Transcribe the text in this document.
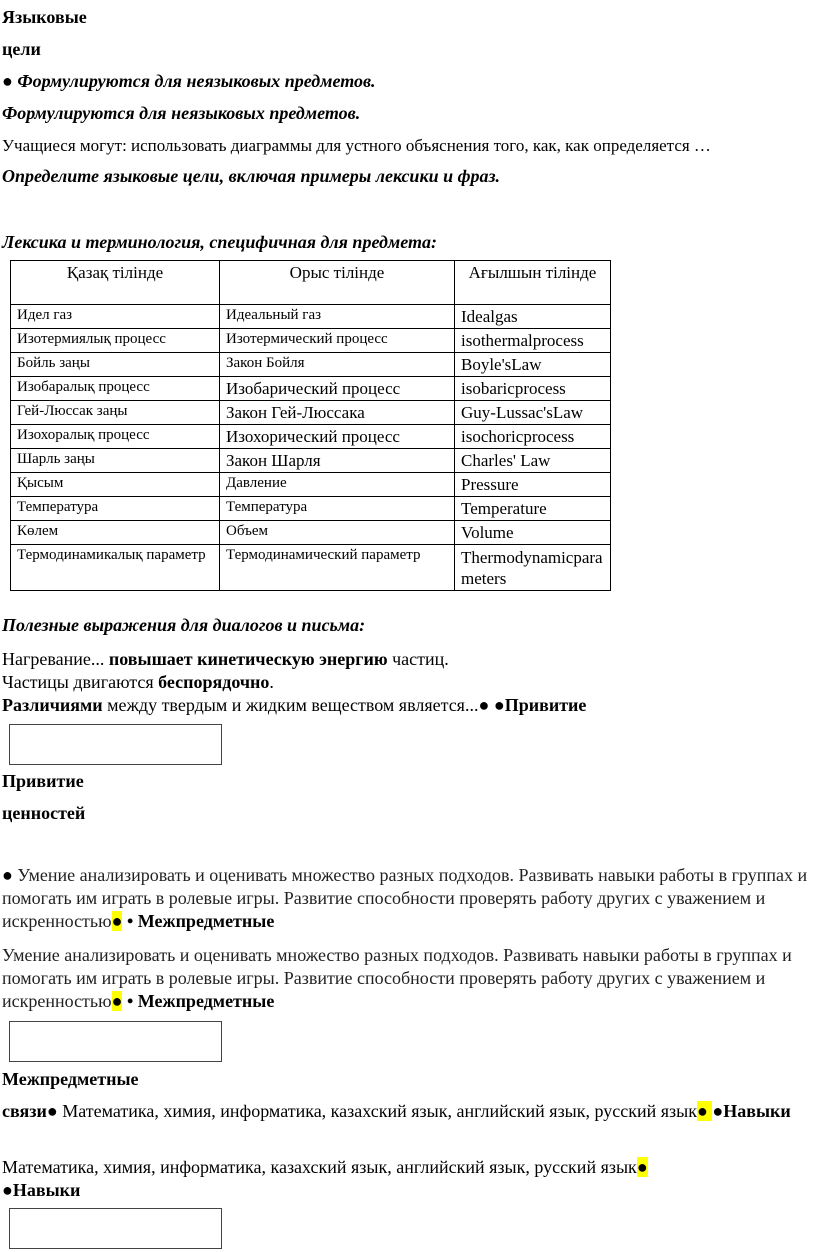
Языковые
цели
● Формулируются для неязыковых предметов.
Формулируются для неязыковых предметов.
Учащиеся могут: использовать диаграммы для устного объяснения того, как, как определяется …
Определите языковые цели, включая примеры лексики и фраз.
Лексика и терминология, специфичная для предмета:
Қазақ тілінде	Орыс тілінде	Ағылшын тілінде
Идел газ	Идеальный газ	Idealgas
Изотермиялық процесс	Изотермический процесс	isothermalprocess
Бойль заңы	Закон Бойля	Boyle'sLaw
Изобаралық процесс	Изобарический процесс	isobaricprocess
Гей-Люссак заңы	Закон Гей-Люссака	Guy-Lussac'sLaw
Изохоралық процесс	Изохорический процесс	isochoricprocess
Шарль заңы	Закон Шарля	Charles' Law
Қысым	Давление	Pressure
Температура	Температура	Temperature
Көлем	Объем	Volume
Термодинамикалық параметр	Термодинамический параметр	Thermodynamicparameters
Полезные выражения для диалогов и письма:
Нагревание... повышает кинетическую энергию частиц.
Частицы двигаются беспорядочно.
Различиями между твердым и жидким веществом является...● ●Привитие
Привитие
ценностей
● Умение анализировать и оценивать множество разных подходов. Развивать навыки работы в группах и помогать им играть в ролевые игры. Развитие способности проверять работу других с уважением и искренностью● • Межпредметные
Умение анализировать и оценивать множество разных подходов. Развивать навыки работы в группах и помогать им играть в ролевые игры. Развитие способности проверять работу других с уважением и искренностью● • Межпредметные
Межпредметные
связи● Математика, химия, информатика, казахский язык, английский язык, русский язык● ●Навыки
Математика, химия, информатика, казахский язык, английский язык, русский язык● ●Навыки
